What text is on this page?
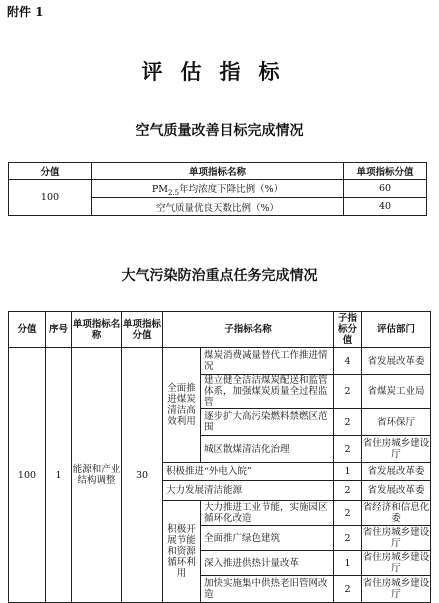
附件 1
评估指标
空气质量改善目标完成情况
分值	单项指标名称	单项指标分值
100	$PM_{2.5}$年均浓度下降比例（%）	60
	空气质量优良天数比例（%）	40
大气污染防治重点任务完成情况
分值	序号	单项指标名称	单项指标分值	子指标名称		子指标分值	评估部门
100	1	能源和产业结构调整	30	全面推进煤炭清洁高效利用	煤炭消费减量替代工作推进情况	4	省发展改革委
					建立健全洁洁煤炭配送和监管体系，加强煤炭质量全过程监管	2	省煤炭工业局
					逐步扩大高污染燃料禁燃区范围	2	省环保厅
					城区散煤清洁化治理	2	省住房城乡建设厅
				积极推进“外电入皖”		1	省发展改革委
				大力发展清洁能源		2	省发展改革委
				积极开展节能和资源循环利用	大力推进工业节能，实施园区循环化改造	2	省经济和信息化委
					全面推广绿色建筑	2	省住房城乡建设厅
					深入推进供热计量改革	1	省住房城乡建设厅
					加快实施集中供热老旧管网改造	2	省住房城乡建设厅
